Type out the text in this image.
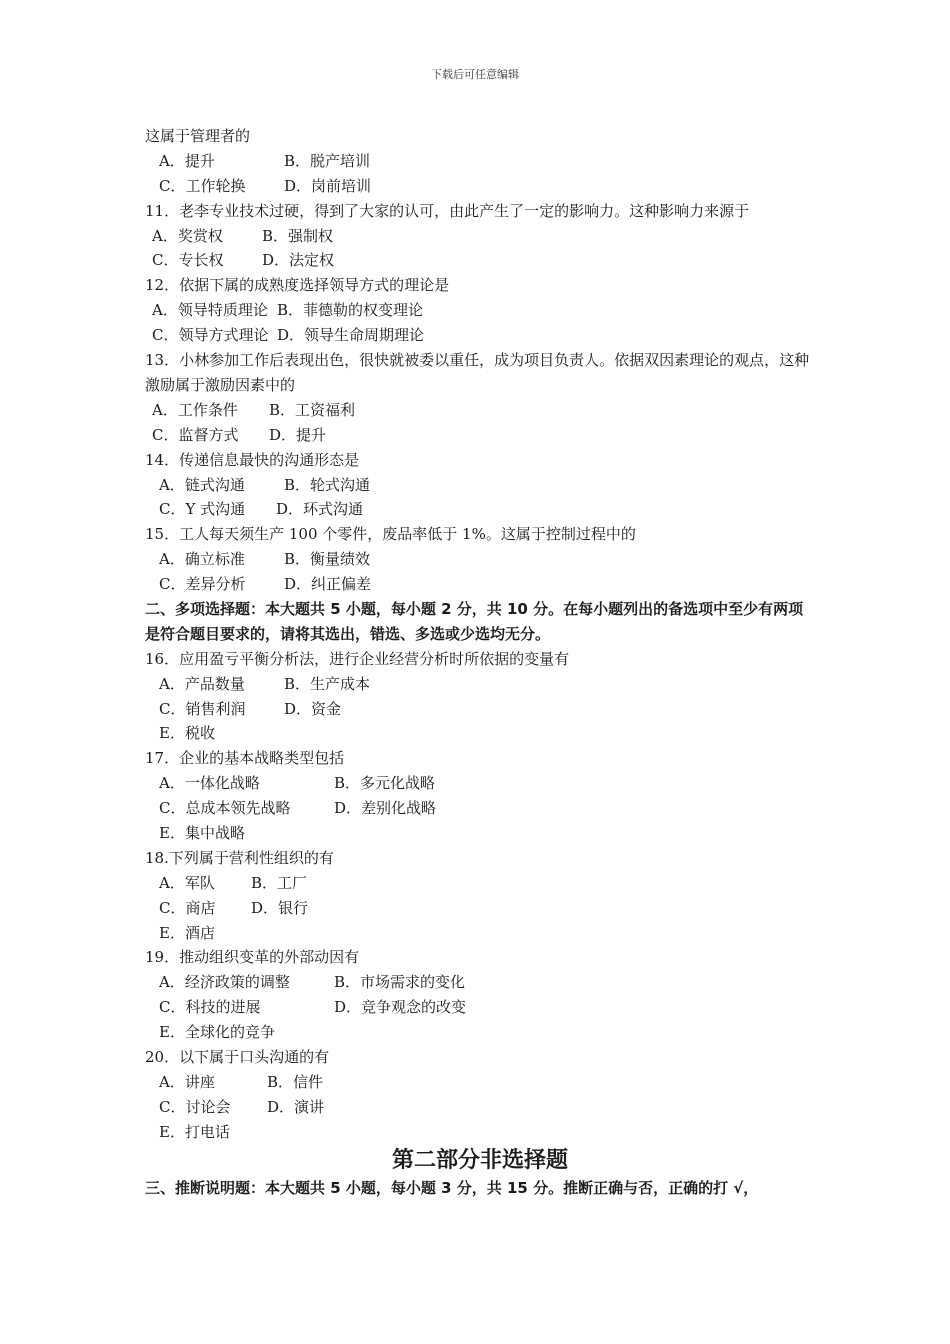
下载后可任意编辑
这属于管理者的
A．提升	B．脱产培训
C．工作轮换	D．岗前培训
11．老李专业技术过硬，得到了大家的认可，由此产生了一定的影响力。这种影响力来源于
A．奖赏权	B．强制权
C．专长权	D．法定权
12．依据下属的成熟度选择领导方式的理论是
A．领导特质理论 B．菲德勒的权变理论
C．领导方式理论 D．领导生命周期理论
13．小林参加工作后表现出色，很快就被委以重任，成为项目负责人。依据双因素理论的观点，这种激励属于激励因素中的
A．工作条件 B．工资福利
C．监督方式 D．提升
14．传递信息最快的沟通形态是
A．链式沟通	B．轮式沟通
C．Y 式沟通 D．环式沟通
15．工人每天须生产 100 个零件，废品率低于 1%。这属于控制过程中的
A．确立标准	B．衡量绩效
C．差异分析	D．纠正偏差
二、多项选择题：本大题共 5 小题，每小题 2 分，共 10 分。在每小题列出的备选项中至少有两项是符合题目要求的，请将其选出，错选、多选或少选均无分。
16．应用盈亏平衡分析法，进行企业经营分析时所依据的变量有
A．产品数量	B．生产成本
C．销售利润	D．资金
E．税收
17．企业的基本战略类型包括
A．一体化战略	B．多元化战略
C．总成本领先战略	D．差别化战略
E．集中战略
18.下列属于营利性组织的有
A．军队 B．工厂
C．商店 D．银行
E．酒店
19．推动组织变革的外部动因有
A．经济政策的调整	B．市场需求的变化
C．科技的进展	D．竞争观念的改变
E．全球化的竞争
20．以下属于口头沟通的有
A．讲座	B．信件
C．讨论会 D．演讲
E．打电话
第二部分非选择题
三、推断说明题：本大题共 5 小题，每小题 3 分，共 15 分。推断正确与否，正确的打 √，
